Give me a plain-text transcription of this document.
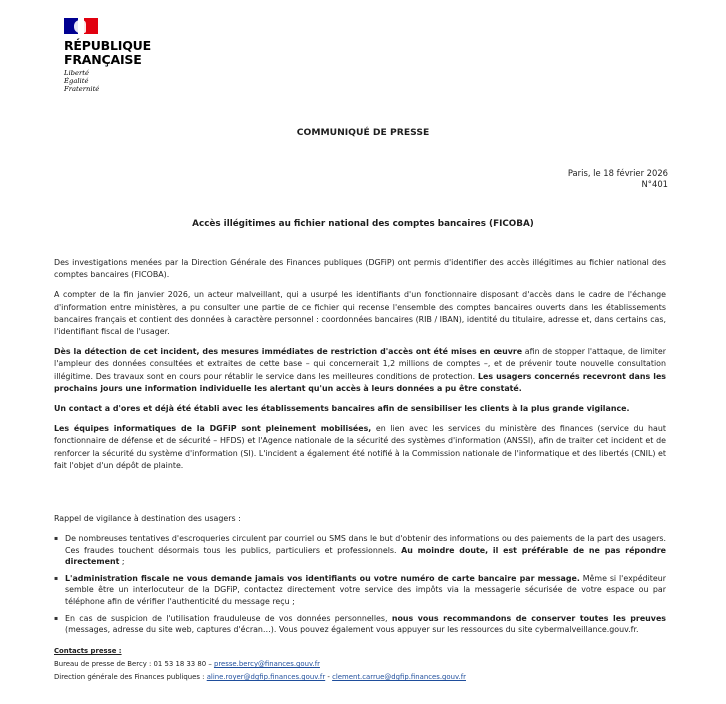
RÉPUBLIQUE
FRANÇAISE
Liberté
Égalité
Fraternité
COMMUNIQUÉ DE PRESSE
Paris, le 18 février 2026
N°401
Accès illégitimes au fichier national des comptes bancaires (FICOBA)

Des investigations menées par la Direction Générale des Finances publiques (DGFiP) ont permis d'identifier des accès illégitimes au fichier national des comptes bancaires (FICOBA).

A compter de la fin janvier 2026, un acteur malveillant, qui a usurpé les identifiants d'un fonctionnaire disposant d'accès dans le cadre de l'échange d'information entre ministères, a pu consulter une partie de ce fichier qui recense l'ensemble des comptes bancaires ouverts dans les établissements bancaires français et contient des données à caractère personnel : coordonnées bancaires (RIB / IBAN), identité du titulaire, adresse et, dans certains cas, l'identifiant fiscal de l'usager.

Dès la détection de cet incident, des mesures immédiates de restriction d'accès ont été mises en œuvre afin de stopper l'attaque, de limiter l'ampleur des données consultées et extraites de cette base – qui concernerait 1,2 millions de comptes –, et de prévenir toute nouvelle consultation illégitime. Des travaux sont en cours pour rétablir le service dans les meilleures conditions de protection. Les usagers concernés recevront dans les prochains jours une information individuelle les alertant qu'un accès à leurs données a pu être constaté.

Un contact a d'ores et déjà été établi avec les établissements bancaires afin de sensibiliser les clients à la plus grande vigilance.

Les équipes informatiques de la DGFiP sont pleinement mobilisées, en lien avec les services du ministère des finances (service du haut fonctionnaire de défense et de sécurité – HFDS) et l'Agence nationale de la sécurité des systèmes d'information (ANSSI), afin de traiter cet incident et de renforcer la sécurité du système d'information (SI). L'incident a également été notifié à la Commission nationale de l'informatique et des libertés (CNIL) et fait l'objet d'un dépôt de plainte.

Rappel de vigilance à destination des usagers :
▪ De nombreuses tentatives d'escroqueries circulent par courriel ou SMS dans le but d'obtenir des informations ou des paiements de la part des usagers. Ces fraudes touchent désormais tous les publics, particuliers et professionnels. Au moindre doute, il est préférable de ne pas répondre directement ;
▪ L'administration fiscale ne vous demande jamais vos identifiants ou votre numéro de carte bancaire par message. Même si l'expéditeur semble être un interlocuteur de la DGFiP, contactez directement votre service des impôts via la messagerie sécurisée de votre espace ou par téléphone afin de vérifier l'authenticité du message reçu ;
▪ En cas de suspicion de l'utilisation frauduleuse de vos données personnelles, nous vous recommandons de conserver toutes les preuves (messages, adresse du site web, captures d'écran…). Vous pouvez également vous appuyer sur les ressources du site cybermalveillance.gouv.fr.
Contacts presse :
Bureau de presse de Bercy : 01 53 18 33 80 – presse.bercy@finances.gouv.fr
Direction générale des Finances publiques : aline.royer@dgfip.finances.gouv.fr - clement.carrue@dgfip.finances.gouv.fr
